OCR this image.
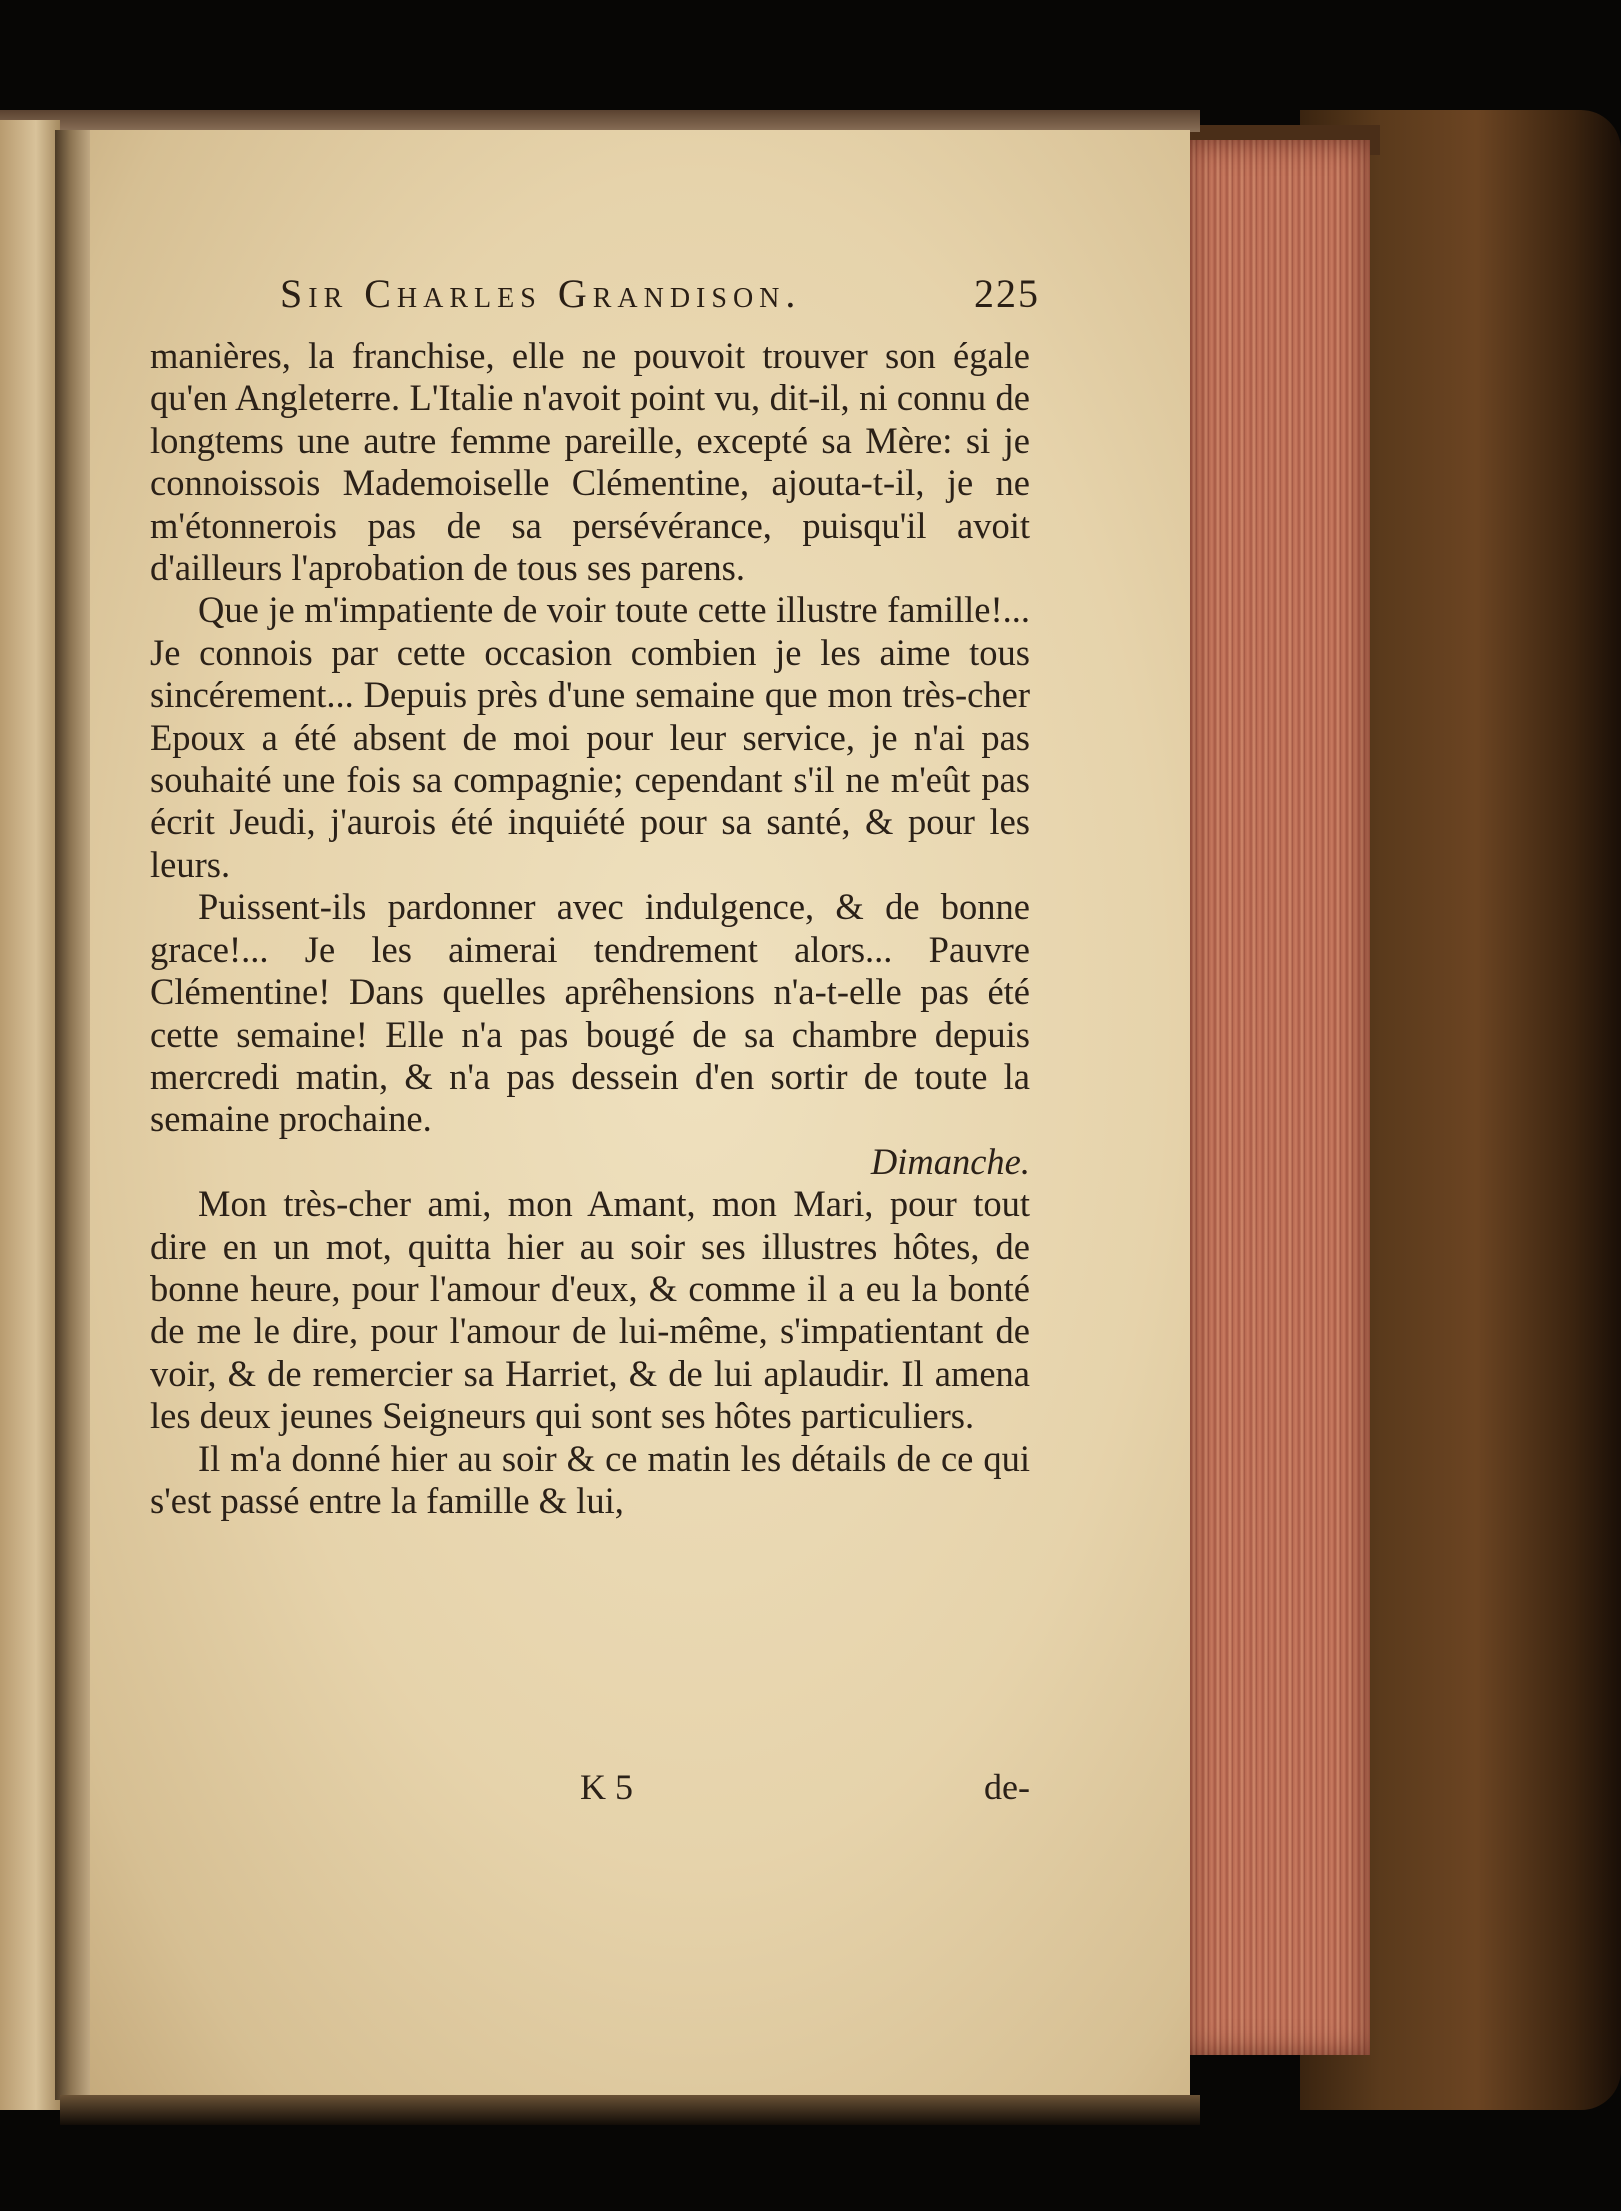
Sir Charles Grandison.	225

manières, la franchise, elle ne pouvoit trouver son égale qu'en Angleterre. L'Italie n'avoit point vu, dit-il, ni connu de longtems une autre femme pareille, excepté sa Mère: si je connoissois Mademoiselle Clémentine, ajouta-t-il, je ne m'étonnerois pas de sa persévérance, puisqu'il avoit d'ailleurs l'aprobation de tous ses parens.

Que je m'impatiente de voir toute cette illustre famille!... Je connois par cette occasion combien je les aime tous sincérement... Depuis près d'une semaine que mon très-cher Epoux a été absent de moi pour leur service, je n'ai pas souhaité une fois sa compagnie; cependant s'il ne m'eût pas écrit Jeudi, j'aurois été inquiété pour sa santé, & pour les leurs.

Puissent-ils pardonner avec indulgence, & de bonne grace!... Je les aimerai tendrement alors... Pauvre Clémentine! Dans quelles aprêhensions n'a-t-elle pas été cette semaine! Elle n'a pas bougé de sa chambre depuis mercredi matin, & n'a pas dessein d'en sortir de toute la semaine prochaine.

Dimanche.

Mon très-cher ami, mon Amant, mon Mari, pour tout dire en un mot, quitta hier au soir ses illustres hôtes, de bonne heure, pour l'amour d'eux, & comme il a eu la bonté de me le dire, pour l'amour de lui-même, s'impatientant de voir, & de remercier sa Harriet, & de lui aplaudir. Il amena les deux jeunes Seigneurs qui sont ses hôtes particuliers.

Il m'a donné hier au soir & ce matin les détails de ce qui s'est passé entre la famille & lui,

K 5	de-
